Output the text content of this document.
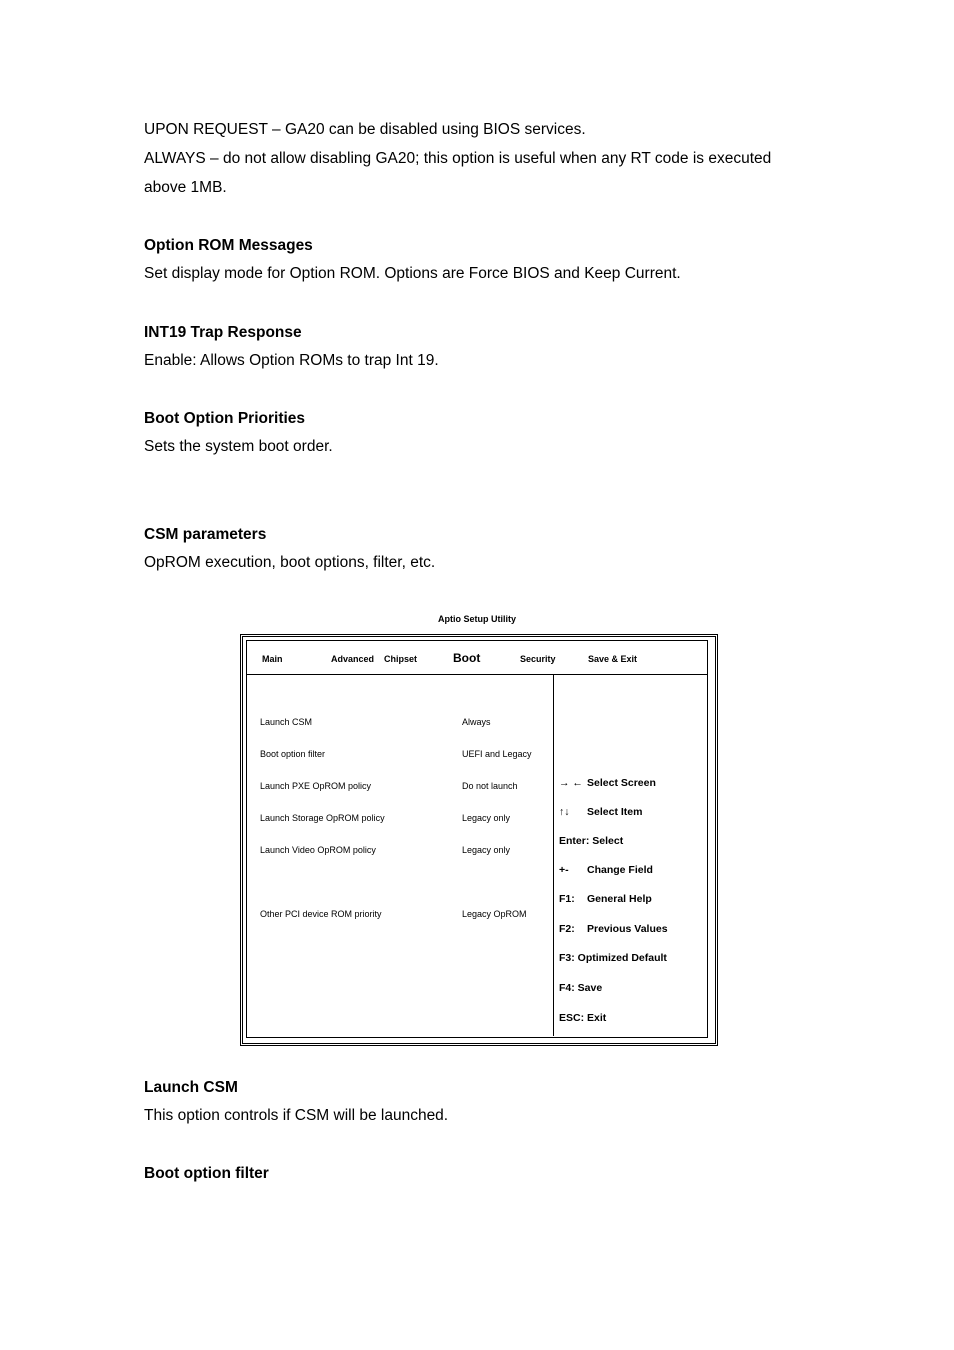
UPON REQUEST – GA20 can be disabled using BIOS services.
ALWAYS – do not allow disabling GA20; this option is useful when any RT code is executed
above 1MB.
Option ROM Messages
Set display mode for Option ROM. Options are Force BIOS and Keep Current.
INT19 Trap Response
Enable: Allows Option ROMs to trap Int 19.
Boot Option Priorities
Sets the system boot order.
CSM parameters
OpROM execution, boot options, filter, etc.
Aptio Setup Utility
Main	Advanced Chipset	Boot	Security	Save & Exit
Launch CSM	Always
Boot option filter	UEFI and Legacy
Launch PXE OpROM policy	Do not launch
Launch Storage OpROM policy	Legacy only
Launch Video OpROM policy	Legacy only
Other PCI device ROM priority	Legacy OpROM
→ ← Select Screen
↑↓ Select Item
Enter: Select
+- Change Field
F1: General Help
F2: Previous Values
F3: Optimized Default
F4: Save
ESC: Exit
Launch CSM
This option controls if CSM will be launched.
Boot option filter
